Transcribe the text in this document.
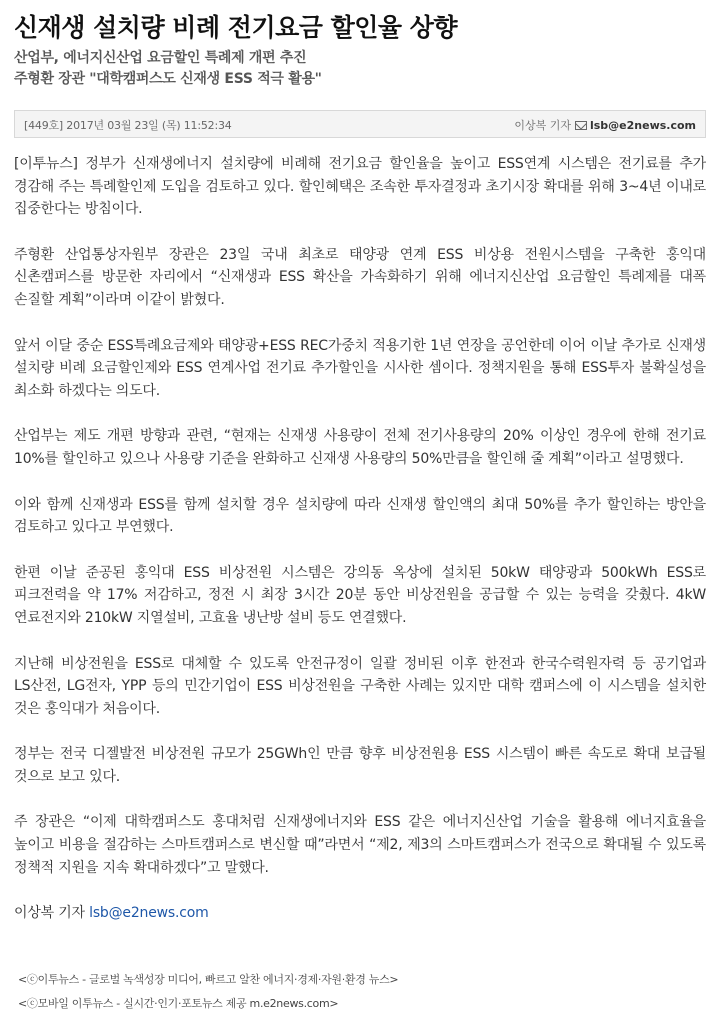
신재생 설치량 비례 전기요금 할인율 상향
산업부, 에너지신산업 요금할인 특례제 개편 추진
주형환 장관 "대학캠퍼스도 신재생 ESS 적극 활용"
[449호] 2017년 03월 23일 (목) 11:52:34	이상복 기자 lsb@e2news.com

[이투뉴스] 정부가 신재생에너지 설치량에 비례해 전기요금 할인율을 높이고 ESS연계 시스템은 전기료를 추가 경감해 주는 특례할인제 도입을 검토하고 있다. 할인혜택은 조속한 투자결정과 초기시장 확대를 위해 3~4년 이내로 집중한다는 방침이다.

주형환 산업통상자원부 장관은 23일 국내 최초로 태양광 연계 ESS 비상용 전원시스템을 구축한 홍익대 신촌캠퍼스를 방문한 자리에서 “신재생과 ESS 확산을 가속화하기 위해 에너지신산업 요금할인 특례제를 대폭 손질할 계획”이라며 이같이 밝혔다.

앞서 이달 중순 ESS특례요금제와 태양광+ESS REC가중치 적용기한 1년 연장을 공언한데 이어 이날 추가로 신재생 설치량 비례 요금할인제와 ESS 연계사업 전기료 추가할인을 시사한 셈이다. 정책지원을 통해 ESS투자 불확실성을 최소화 하겠다는 의도다.

산업부는 제도 개편 방향과 관련, “현재는 신재생 사용량이 전체 전기사용량의 20% 이상인 경우에 한해 전기료 10%를 할인하고 있으나 사용량 기준을 완화하고 신재생 사용량의 50%만큼을 할인해 줄 계획”이라고 설명했다.

이와 함께 신재생과 ESS를 함께 설치할 경우 설치량에 따라 신재생 할인액의 최대 50%를 추가 할인하는 방안을 검토하고 있다고 부연했다.

한편 이날 준공된 홍익대 ESS 비상전원 시스템은 강의동 옥상에 설치된 50kW 태양광과 500kWh ESS로 피크전력을 약 17% 저감하고, 정전 시 최장 3시간 20분 동안 비상전원을 공급할 수 있는 능력을 갖췄다. 4kW 연료전지와 210kW 지열설비, 고효율 냉난방 설비 등도 연결했다.

지난해 비상전원을 ESS로 대체할 수 있도록 안전규정이 일괄 정비된 이후 한전과 한국수력원자력 등 공기업과 LS산전, LG전자, YPP 등의 민간기업이 ESS 비상전원을 구축한 사례는 있지만 대학 캠퍼스에 이 시스템을 설치한 것은 홍익대가 처음이다.

정부는 전국 디젤발전 비상전원 규모가 25GWh인 만큼 향후 비상전원용 ESS 시스템이 빠른 속도로 확대 보급될 것으로 보고 있다.

주 장관은 “이제 대학캠퍼스도 홍대처럼 신재생에너지와 ESS 같은 에너지신산업 기술을 활용해 에너지효율을 높이고 비용을 절감하는 스마트캠퍼스로 변신할 때”라면서 “제2, 제3의 스마트캠퍼스가 전국으로 확대될 수 있도록 정책적 지원을 지속 확대하겠다”고 말했다.

이상복 기자 lsb@e2news.com

<ⓒ이투뉴스 - 글로벌 녹색성장 미디어, 빠르고 알찬 에너지·경제·자원·환경 뉴스>
<ⓒ모바일 이투뉴스 - 실시간·인기·포토뉴스 제공 m.e2news.com>
